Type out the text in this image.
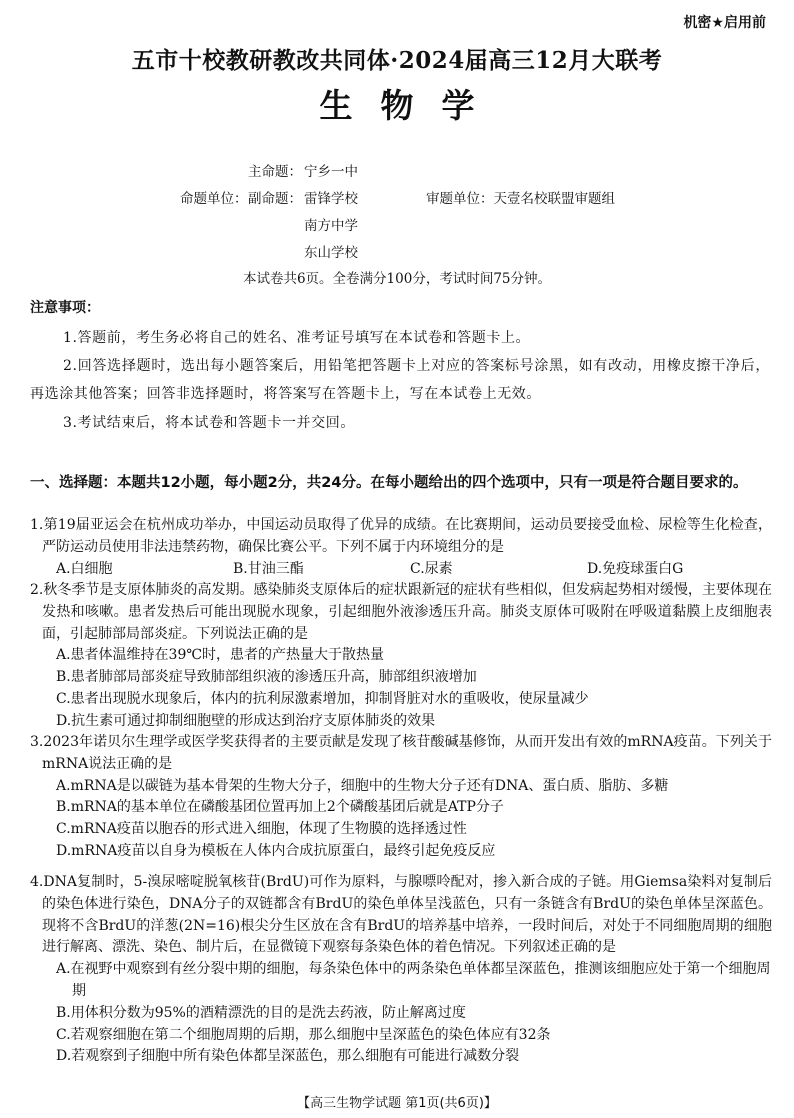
机密★启用前
五市十校教研教改共同体·2024届高三12月大联考
生物学
主命题： 宁乡一中
命题单位： 副命题： 雷锋学校
南方中学
东山学校
审题单位：天壹名校联盟审题组
本试卷共6页。全卷满分100分，考试时间75分钟。
注意事项：
1.答题前，考生务必将自己的姓名、准考证号填写在本试卷和答题卡上。
2.回答选择题时，选出每小题答案后，用铅笔把答题卡上对应的答案标号涂黑，如有改动，用橡皮擦干净后，再选涂其他答案；回答非选择题时，将答案写在答题卡上，写在本试卷上无效。
3.考试结束后，将本试卷和答题卡一并交回。
一、选择题：本题共12小题，每小题2分，共24分。在每小题给出的四个选项中，只有一项是符合题目要求的。
1.第19届亚运会在杭州成功举办，中国运动员取得了优异的成绩。在比赛期间，运动员要接受血检、尿检等生化检查，严防运动员使用非法违禁药物，确保比赛公平。下列不属于内环境组分的是
A.白细胞	B.甘油三酯	C.尿素	D.免疫球蛋白G
2.秋冬季节是支原体肺炎的高发期。感染肺炎支原体后的症状跟新冠的症状有些相似，但发病起势相对缓慢，主要体现在发热和咳嗽。患者发热后可能出现脱水现象，引起细胞外液渗透压升高。肺炎支原体可吸附在呼吸道黏膜上皮细胞表面，引起肺部局部炎症。下列说法正确的是
A.患者体温维持在39℃时，患者的产热量大于散热量
B.患者肺部局部炎症导致肺部组织液的渗透压升高，肺部组织液增加
C.患者出现脱水现象后，体内的抗利尿激素增加，抑制肾脏对水的重吸收，使尿量减少
D.抗生素可通过抑制细胞壁的形成达到治疗支原体肺炎的效果
3.2023年诺贝尔生理学或医学奖获得者的主要贡献是发现了核苷酸碱基修饰，从而开发出有效的mRNA疫苗。下列关于mRNA说法正确的是
A.mRNA是以碳链为基本骨架的生物大分子，细胞中的生物大分子还有DNA、蛋白质、脂肪、多糖
B.mRNA的基本单位在磷酸基团位置再加上2个磷酸基团后就是ATP分子
C.mRNA疫苗以胞吞的形式进入细胞，体现了生物膜的选择透过性
D.mRNA疫苗以自身为模板在人体内合成抗原蛋白，最终引起免疫反应
4.DNA复制时，5-溴尿嘧啶脱氧核苷(BrdU)可作为原料，与腺嘌呤配对，掺入新合成的子链。用Giemsa染料对复制后的染色体进行染色，DNA分子的双链都含有BrdU的染色单体呈浅蓝色，只有一条链含有BrdU的染色单体呈深蓝色。现将不含BrdU的洋葱(2N=16)根尖分生区放在含有BrdU的培养基中培养，一段时间后，对处于不同细胞周期的细胞进行解离、漂洗、染色、制片后，在显微镜下观察每条染色体的着色情况。下列叙述正确的是
A.在视野中观察到有丝分裂中期的细胞，每条染色体中的两条染色单体都呈深蓝色，推测该细胞应处于第一个细胞周期
B.用体积分数为95%的酒精漂洗的目的是洗去药液，防止解离过度
C.若观察细胞在第二个细胞周期的后期，那么细胞中呈深蓝色的染色体应有32条
D.若观察到子细胞中所有染色体都呈深蓝色，那么细胞有可能进行减数分裂
【高三生物学试题 第1页(共6页)】
